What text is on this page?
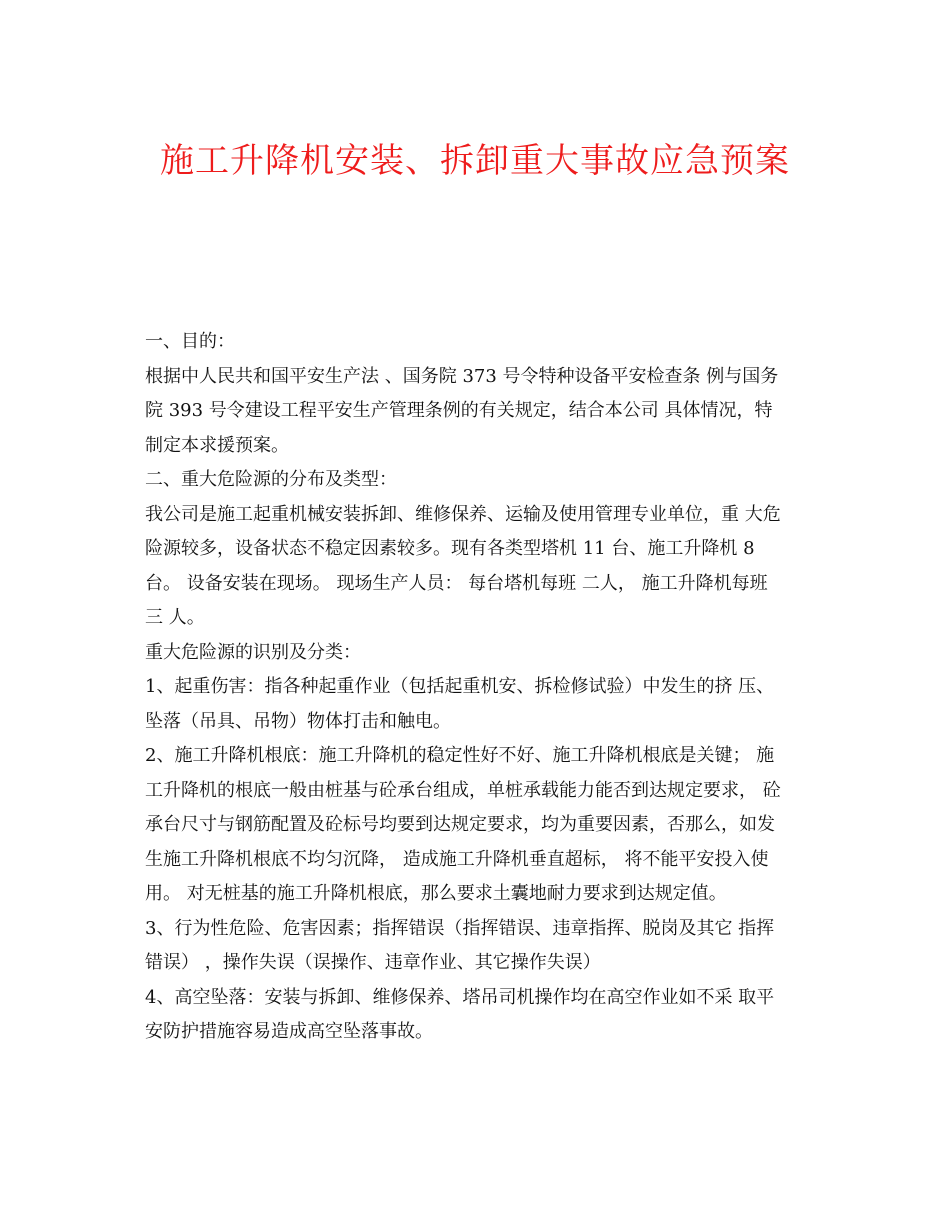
施工升降机安装、拆卸重大事故应急预案
一、目的：
根据中人民共和国平安生产法 、国务院 373 号令特种设备平安检查条 例与国务
院 393 号令建设工程平安生产管理条例的有关规定，结合本公司 具体情况，特
制定本求援预案。
二、重大危险源的分布及类型：
我公司是施工起重机械安装拆卸、维修保养、运输及使用管理专业单位，重 大危
险源较多，设备状态不稳定因素较多。现有各类型塔机 11 台、施工升降机 8
台。 设备安装在现场。 现场生产人员： 每台塔机每班 二人， 施工升降机每班
三 人。
重大危险源的识别及分类：
1、起重伤害：指各种起重作业（包括起重机安、拆检修试验）中发生的挤 压、
坠落（吊具、吊物）物体打击和触电。
2、施工升降机根底：施工升降机的稳定性好不好、施工升降机根底是关键； 施
工升降机的根底一般由桩基与砼承台组成，单桩承载能力能否到达规定要求， 砼
承台尺寸与钢筋配置及砼标号均要到达规定要求，均为重要因素，否那么，如发
生施工升降机根底不均匀沉降， 造成施工升降机垂直超标， 将不能平安投入使
用。 对无桩基的施工升降机根底，那么要求土囊地耐力要求到达规定值。
3、行为性危险、危害因素；指挥错误（指挥错误、违章指挥、脱岗及其它 指挥
错误） ，操作失误（误操作、违章作业、其它操作失误）
4、高空坠落：安装与拆卸、维修保养、塔吊司机操作均在高空作业如不采 取平
安防护措施容易造成高空坠落事故。
